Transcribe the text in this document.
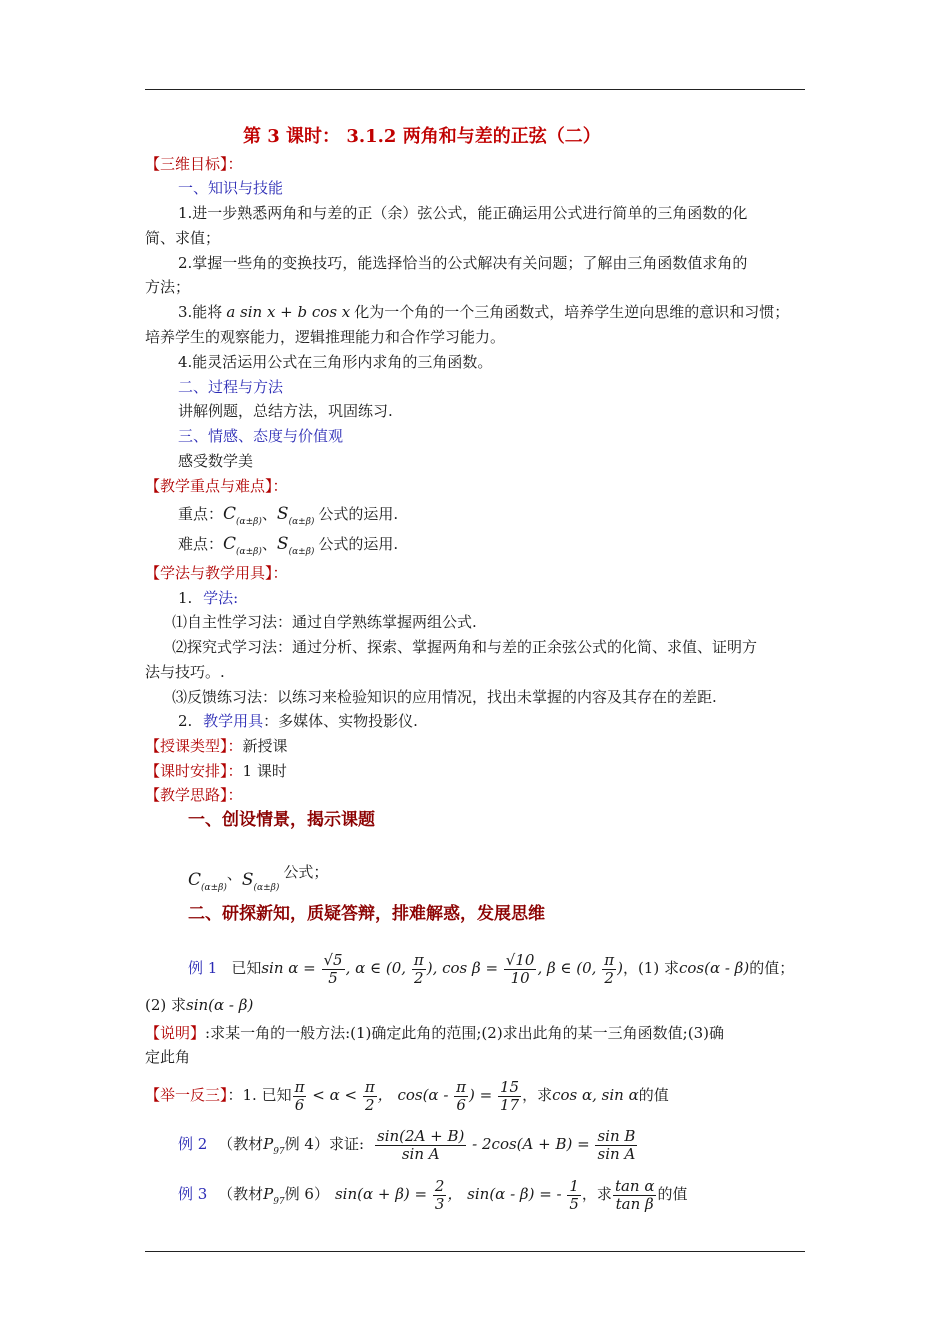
第 3 课时： 3.1.2 两角和与差的正弦（二）
【三维目标】：
一、知识与技能
1.进一步熟悉两角和与差的正（余）弦公式，能正确运用公式进行简单的三角函数的化
简、求值；
2.掌握一些角的变换技巧，能选择恰当的公式解决有关问题；了解由三角函数值求角的
方法；
3.能将 a sin x + b cos x 化为一个角的一个三角函数式，培养学生逆向思维的意识和习惯；
培养学生的观察能力，逻辑推理能力和合作学习能力。
4.能灵活运用公式在三角形内求角的三角函数。
二、过程与方法
讲解例题，总结方法，巩固练习.
三、情感、态度与价值观
感受数学美
【教学重点与难点】：
重点：$C_{(\alpha\pm\beta)}$、$S_{(\alpha\pm\beta)}$ 公式的运用.
难点：$C_{(\alpha\pm\beta)}$、$S_{(\alpha\pm\beta)}$ 公式的运用.
【学法与教学用具】：
1. 学法:
⑴自主性学习法：通过自学熟练掌握两组公式.
⑵探究式学习法：通过分析、探索、掌握两角和与差的正余弦公式的化简、求值、证明方
法与技巧。.
⑶反馈练习法：以练习来检验知识的应用情况，找出未掌握的内容及其存在的差距.
2. 教学用具：多媒体、实物投影仪.
【授课类型】：新授课
【课时安排】：1 课时
【教学思路】：
一、创设情景，揭示课题
$C_{(\alpha\pm\beta)}$、$S_{(\alpha\pm\beta)}$公式；
二、研探新知，质疑答辩，排难解惑，发展思维
例 1 已知$\sin \alpha = \frac{√5}{5}$ , α ∈ (0, $\frac{\pi}{2}$ ), $\cos \beta = \frac{√10}{10}$ , β ∈ (0, $\frac{\pi}{2}$ )，(1) 求cos(α - β)的值；
(2) 求sin(α - β)
【说明】:求某一角的一般方法:(1)确定此角的范围;(2)求出此角的某一三角函数值;(3)确
定此角
【举一反三】：1. 已知 $\frac{\pi}{6} < \alpha < \frac{\pi}{2}$ ， $\cos(\alpha - \frac{\pi}{6}$ ) = $\frac{15}{17}$ ，求cos α, sin α的值
例 2 （教材$P_{97}$例 4）求证: $\frac{\sin(2A + B)}{\text{sin A}} - 2\cos(A + B) = \frac{\text{sin B}}{\text{sin A}}$
例 3 （教材$P_{97}$例 6） $\sin(\alpha + \beta) = \frac{2}{3}$ ， sin(α - β) = - $\frac{1}{5}$ ，求 $\frac{\text{tan α}}{\text{tan β}}$ 的值
